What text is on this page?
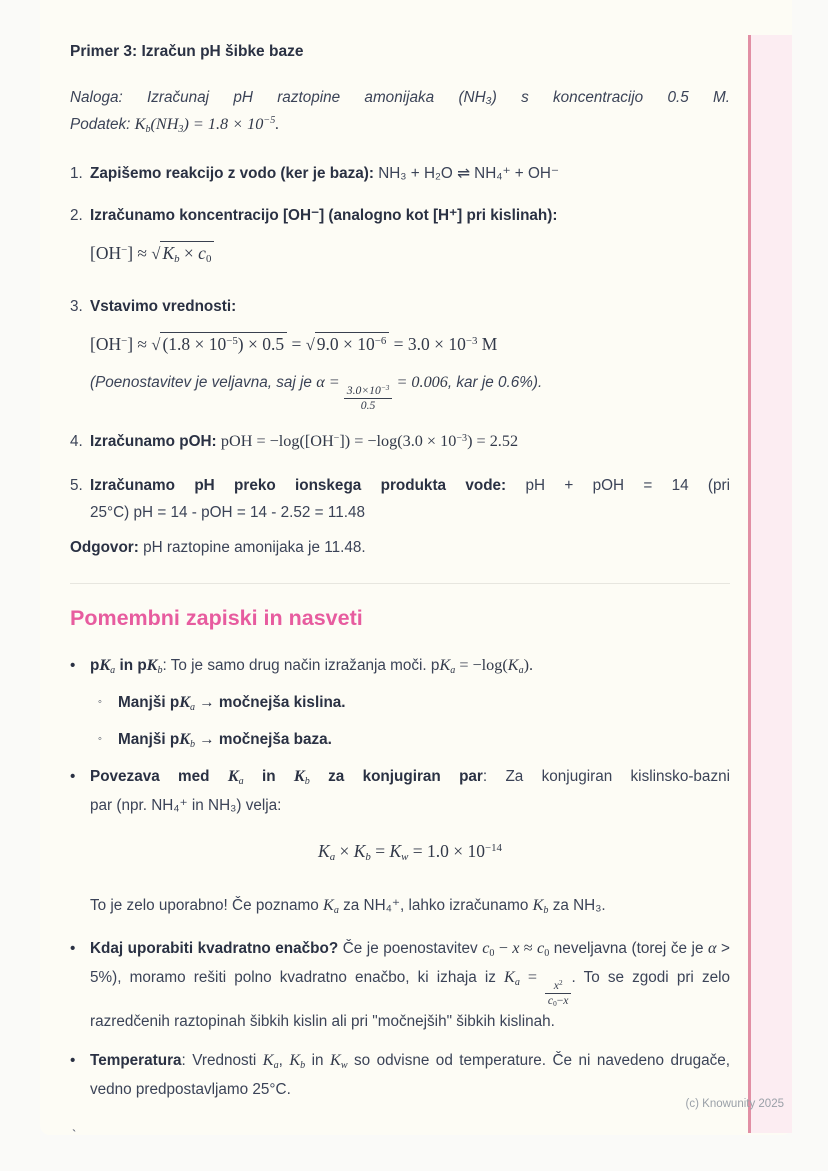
Primer 3: Izračun pH šibke baze
Naloga: Izračunaj pH raztopine amonijaka (NH₃) s koncentracijo 0.5 M.
Podatek: $K_b(NH_3) = 1.8 \times 10^{-5}$.
1. Zapišemo reakcijo z vodo (ker je baza): NH₃ + H₂O ⇌ NH₄⁺ + OH⁻
2. Izračunamo koncentracijo [OH⁻] (analogno kot [H⁺] pri kislinah):
[OH−] ≈ √ $K_b \times c_0$
3. Vstavimo vrednosti:
[OH−] ≈ √ $(1.8 \times 10^{-5}) \times 0.5$ = √ $9.0 \times 10^{-6} = 3.0 \times 10^{-3}$ M
(Poenostavitev je veljavna, saj je α =
$\frac{3.0\times 10^{-3}}{0.5}$
= 0.006, kar je 0.6%).
4. Izračunamo pOH: pOH = $-\log([OH^-]) = -\log(3.0 \times 10^{-3}) = 2.52$
5. Izračunamo pH preko ionskega produkta vode: pH + pOH = 14 (pri
25°C) pH = 14 - pOH = 14 - 2.52 = 11.48

Odgovor: pH raztopine amonijaka je 11.48.

Pomembni zapiski in nasveti
• $pK_a$ in $pK_b$: To je samo drug način izražanja moči. $pK_a = -\log(K_a)$.
◦	Manjši $pK_a$ → močnejša kislina.
◦	Manjši $pK_b$ → močnejša baza.
• Povezava med $K_a$ in $K_b$ za konjugiran par: Za konjugiran kislinsko-bazni
par (npr. NH₄⁺ in NH₃) velja:
$K_a \times K_b = K_w = 1.0 \times 10^{-14}$
To je zelo uporabno! Če poznamo $K_a$ za NH₄⁺, lahko izračunamo $K_b$ za NH₃.
• Kdaj uporabiti kvadratno enačbo? Če je poenostavitev $c_0 - x \approx c_0$ neveljavna (torej če je α > 5%), moramo rešiti polno kvadratno enačbo, ki izhaja iz $K_a$ =
$\frac{x^2}{c_0-x}$
. To se zgodi pri zelo razredčenih raztopinah šibkih kislin ali pri "močnejših" šibkih kislinah.
• Temperatura: Vrednosti $K_a$, $K_b$ in $K_w$ so odvisne od temperature. Če ni navedeno drugače, vedno predpostavljamo 25°C.

`

(c) Knowunity 2025
